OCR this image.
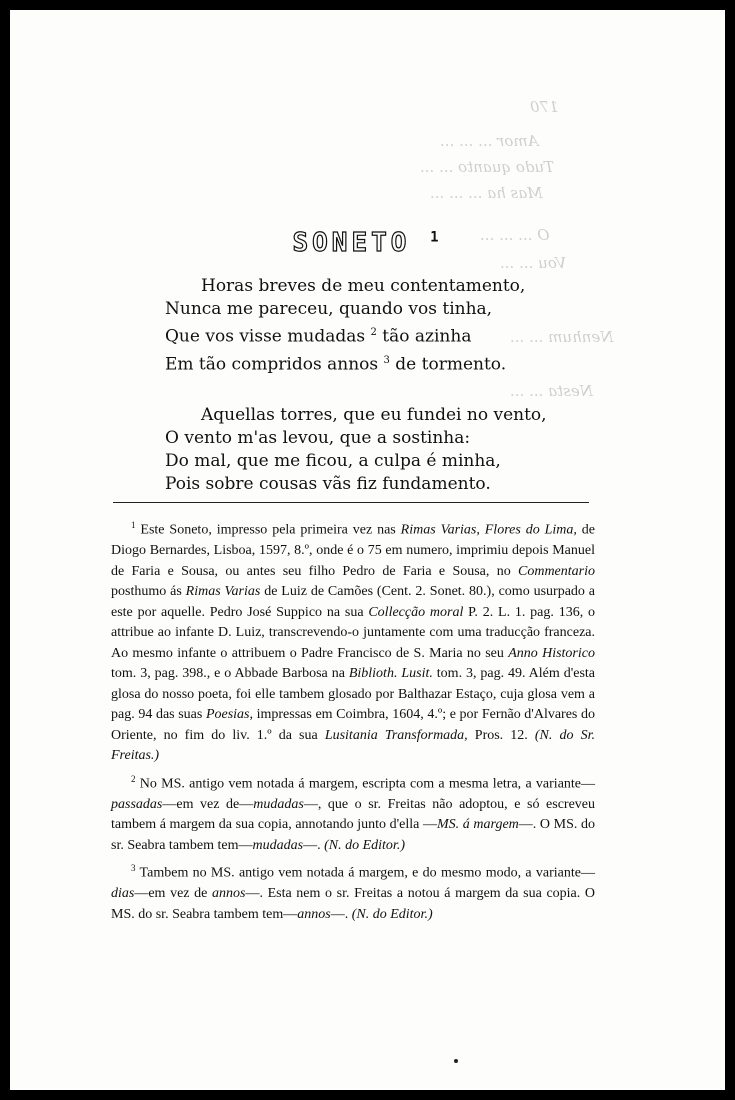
170
Amor ... ... ...
Tudo quanto ... ...
Mas ha ... ... ...
O ... ... ...
Vou ... ...
Nenhum ... ...
Nesta ... ...
SONETO $^1$
Horas breves de meu contentamento,
Nunca me pareceu, quando vos tinha,
Que vos visse mudadas $^2$ tão azinha
Em tão compridos annos $^3$ de tormento.
Aquellas torres, que eu fundei no vento,
O vento m'as levou, que a sostinha:
Do mal, que me ficou, a culpa é minha,
Pois sobre cousas vãs fiz fundamento.

$^1$ Este Soneto, impresso pela primeira vez nas Rimas Varias, Flores do Lima, de Diogo Bernardes, Lisboa, 1597, 8.º, onde é o 75 em numero, imprimiu depois Manuel de Faria e Sousa, ou antes seu filho Pedro de Faria e Sousa, no Commentario posthumo ás Rimas Varias de Luiz de Camões (Cent. 2. Sonet. 80.), como usurpado a este por aquelle. Pedro José Suppico na sua Collecção moral P. 2. L. 1. pag. 136, o attribue ao infante D. Luiz, transcrevendo-o juntamente com uma traducção franceza. Ao mesmo infante o attribuem o Padre Francisco de S. Maria no seu Anno Historico tom. 3, pag. 398., e o Abbade Barbosa na Biblioth. Lusit. tom. 3, pag. 49. Além d'esta glosa do nosso poeta, foi elle tambem glosado por Balthazar Estaço, cuja glosa vem a pag. 94 das suas Poesias, impressas em Coimbra, 1604, 4.º; e por Fernão d'Alvares do Oriente, no fim do liv. 1.º da sua Lusitania Transformada, Pros. 12. (N. do Sr. Freitas.)

$^2$ No MS. antigo vem notada á margem, escripta com a mesma letra, a variante—passadas—em vez de—mudadas—, que o sr. Freitas não adoptou, e só escreveu tambem á margem da sua copia, annotando junto d'ella —MS. á margem—. O MS. do sr. Seabra tambem tem—mudadas—. (N. do Editor.)

$^3$ Tambem no MS. antigo vem notada á margem, e do mesmo modo, a variante—dias—em vez de annos—. Esta nem o sr. Freitas a notou á margem da sua copia. O MS. do sr. Seabra tambem tem—annos—. (N. do Editor.)
